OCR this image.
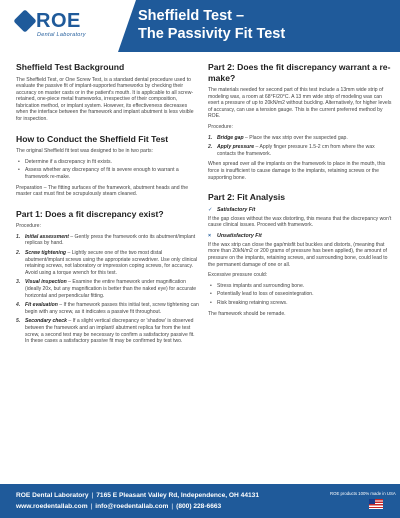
ROE
Dental Laboratory
Sheffield Test –
The Passivity Fit Test
Sheffield Test Background

The Sheffield Test, or One Screw Test, is a standard dental procedure used to evaluate the passive fit of implant-supported frameworks by checking their accuracy on master casts or in the patient's mouth. It is applicable to all screw-retained, one-piece metal frameworks, irrespective of their composition, fabrication method, or implant system. However, its effectiveness decreases when the interface between the framework and implant abutment is less visible for inspection.

How to Conduct the Sheffield Fit Test

The original Sheffield fit test was designed to be in two parts:

• Determine if a discrepancy in fit exists.
• Assess whether any discrepancy of fit is severe enough to warrant a framework re-make.

Preparation – The fitting surfaces of the framework, abutment heads and the master cast must first be scrupulously steam cleaned.

Part 1: Does a fit discrepancy exist?

Procedure:

1. Initial assessment – Gently press the framework onto its abutment/implant replicas by hand.
2. Screw tightening – Lightly secure one of the two most distal abutment/implant screws using the appropriate screwdriver. Use only clinical retaining screws, not laboratory or impression coping screws, for accuracy. Avoid using a torque wrench for this test.
3. Visual inspection – Examine the entire framework under magnification (ideally 20x, but any magnification is better than the naked eye) for accurate horizontal and perpendicular fitting.
4. Fit evaluation – If the framework passes this initial test, screw tightening can begin with any screw, as it indicates a passive fit throughout.
5. Secondary check – If a slight vertical discrepancy or 'shadow' is observed between the framework and an implant/ abutment replica far from the test screw, a second test may be necessary to confirm a satisfactory passive fit. In these cases a satisfactory passive fit may be confirmed by test two.
Part 2: Does the fit discrepancy warrant a re-make?

The materials needed for second part of this test include a 13mm wide strip of modeling wax, a room at 68°F/20°C. A 13 mm wide strip of modeling wax can exert a pressure of up to 20kN/m2 without buckling. Alternatively, for higher levels of accuracy, can use a tension gauge. This is the current preferred method by ROE.

Procedure:

1. Bridge gap – Place the wax strip over the suspected gap.
2. Apply pressure – Apply finger pressure 1.5-2 cm from where the wax contacts the framework.

When spread over all the implants on the framework to place in the mouth, this force is insufficient to cause damage to the implants, retaining screws or the supporting bone.

Part 2: Fit Analysis
✓ Satisfactory Fit

If the gap closes without the wax distorting, this means that the discrepancy won't cause clinical issues. Proceed with framework.

× Unsatisfactory Fit

If the wax strip can close the gap/misfit but buckles and distorts, (meaning that more than 20kN/m2 or 200 grams of pressure has been applied), the amount of pressure on the implants, retaining screws, and surrounding bone, could lead to the permanent damage of one or all.

Excessive pressure could:

• Stress implants and surrounding bone.
• Potentially lead to loss of osseointegration.
• Risk breaking retaining screws.

The framework should be remade.

ROE Dental Laboratory | 7165 E Pleasant Valley Rd, Independence, OH 44131
www.roedentallab.com | info@roedentallab.com | (800) 228-6663
ROE products 100% made in USA
